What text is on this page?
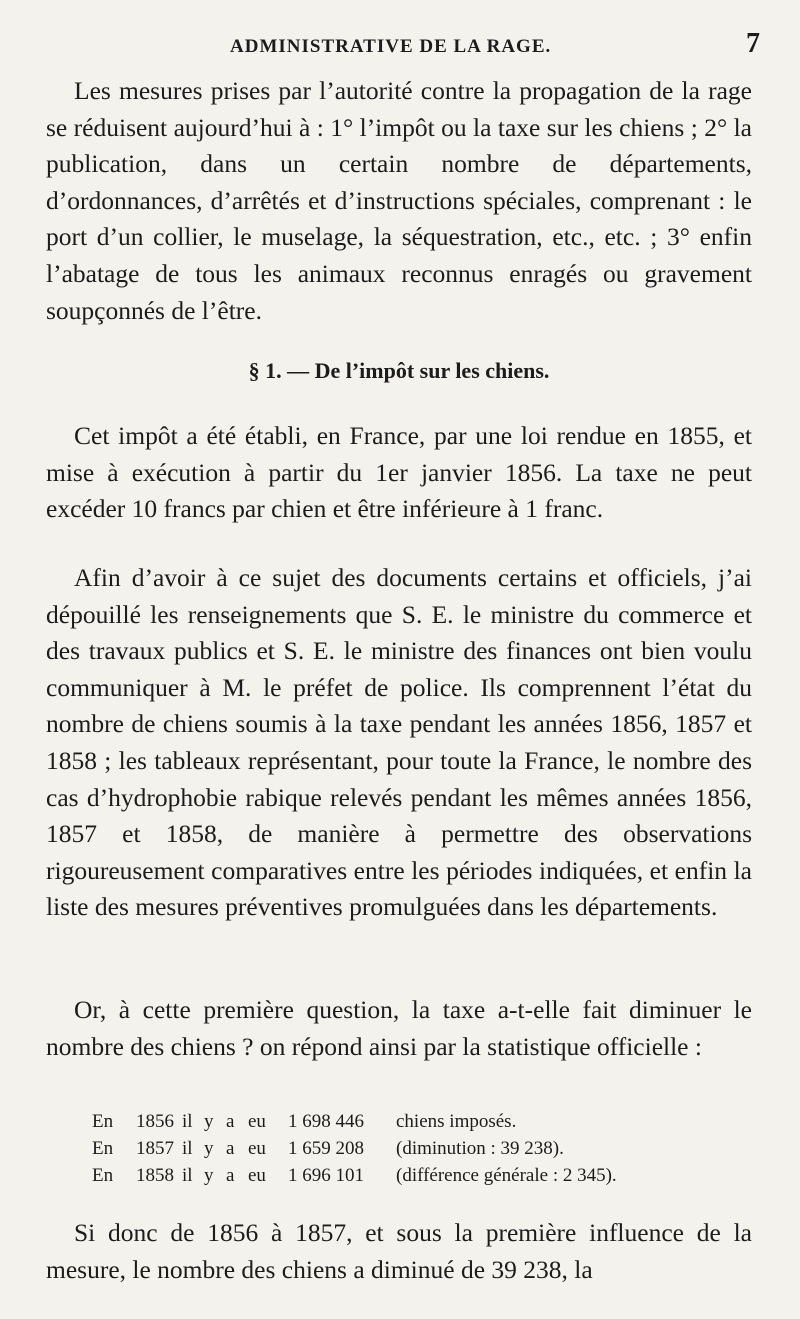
ADMINISTRATIVE DE LA RAGE.	7

Les mesures prises par l’autorité contre la propagation de la rage se réduisent aujourd’hui à : 1° l’impôt ou la taxe sur les chiens ; 2° la publication, dans un certain nombre de départements, d’ordonnances, d’arrêtés et d’instructions spéciales, comprenant : le port d’un collier, le muselage, la séquestration, etc., etc. ; 3° enfin l’abatage de tous les animaux reconnus enragés ou gravement soupçonnés de l’être.

§ 1. — De l’impôt sur les chiens.

Cet impôt a été établi, en France, par une loi rendue en 1855, et mise à exécution à partir du 1er janvier 1856. La taxe ne peut excéder 10 francs par chien et être inférieure à 1 franc.

Afin d’avoir à ce sujet des documents certains et officiels, j’ai dépouillé les renseignements que S. E. le ministre du commerce et des travaux publics et S. E. le ministre des finances ont bien voulu communiquer à M. le préfet de police. Ils comprennent l’état du nombre de chiens soumis à la taxe pendant les années 1856, 1857 et 1858 ; les tableaux représentant, pour toute la France, le nombre des cas d’hydrophobie rabique relevés pendant les mêmes années 1856, 1857 et 1858, de manière à permettre des observations rigoureusement comparatives entre les périodes indiquées, et enfin la liste des mesures préventives promulguées dans les départements.

Or, à cette première question, la taxe a-t-elle fait diminuer le nombre des chiens ? on répond ainsi par la statistique officielle :

En 1856 il y a eu 1 698 446 chiens imposés.
En 1857 il y a eu 1 659 208 (diminution : 39 238).
En 1858 il y a eu 1 696 101 (différence générale : 2 345).

Si donc de 1856 à 1857, et sous la première influence de la mesure, le nombre des chiens a diminué de 39 238, la
